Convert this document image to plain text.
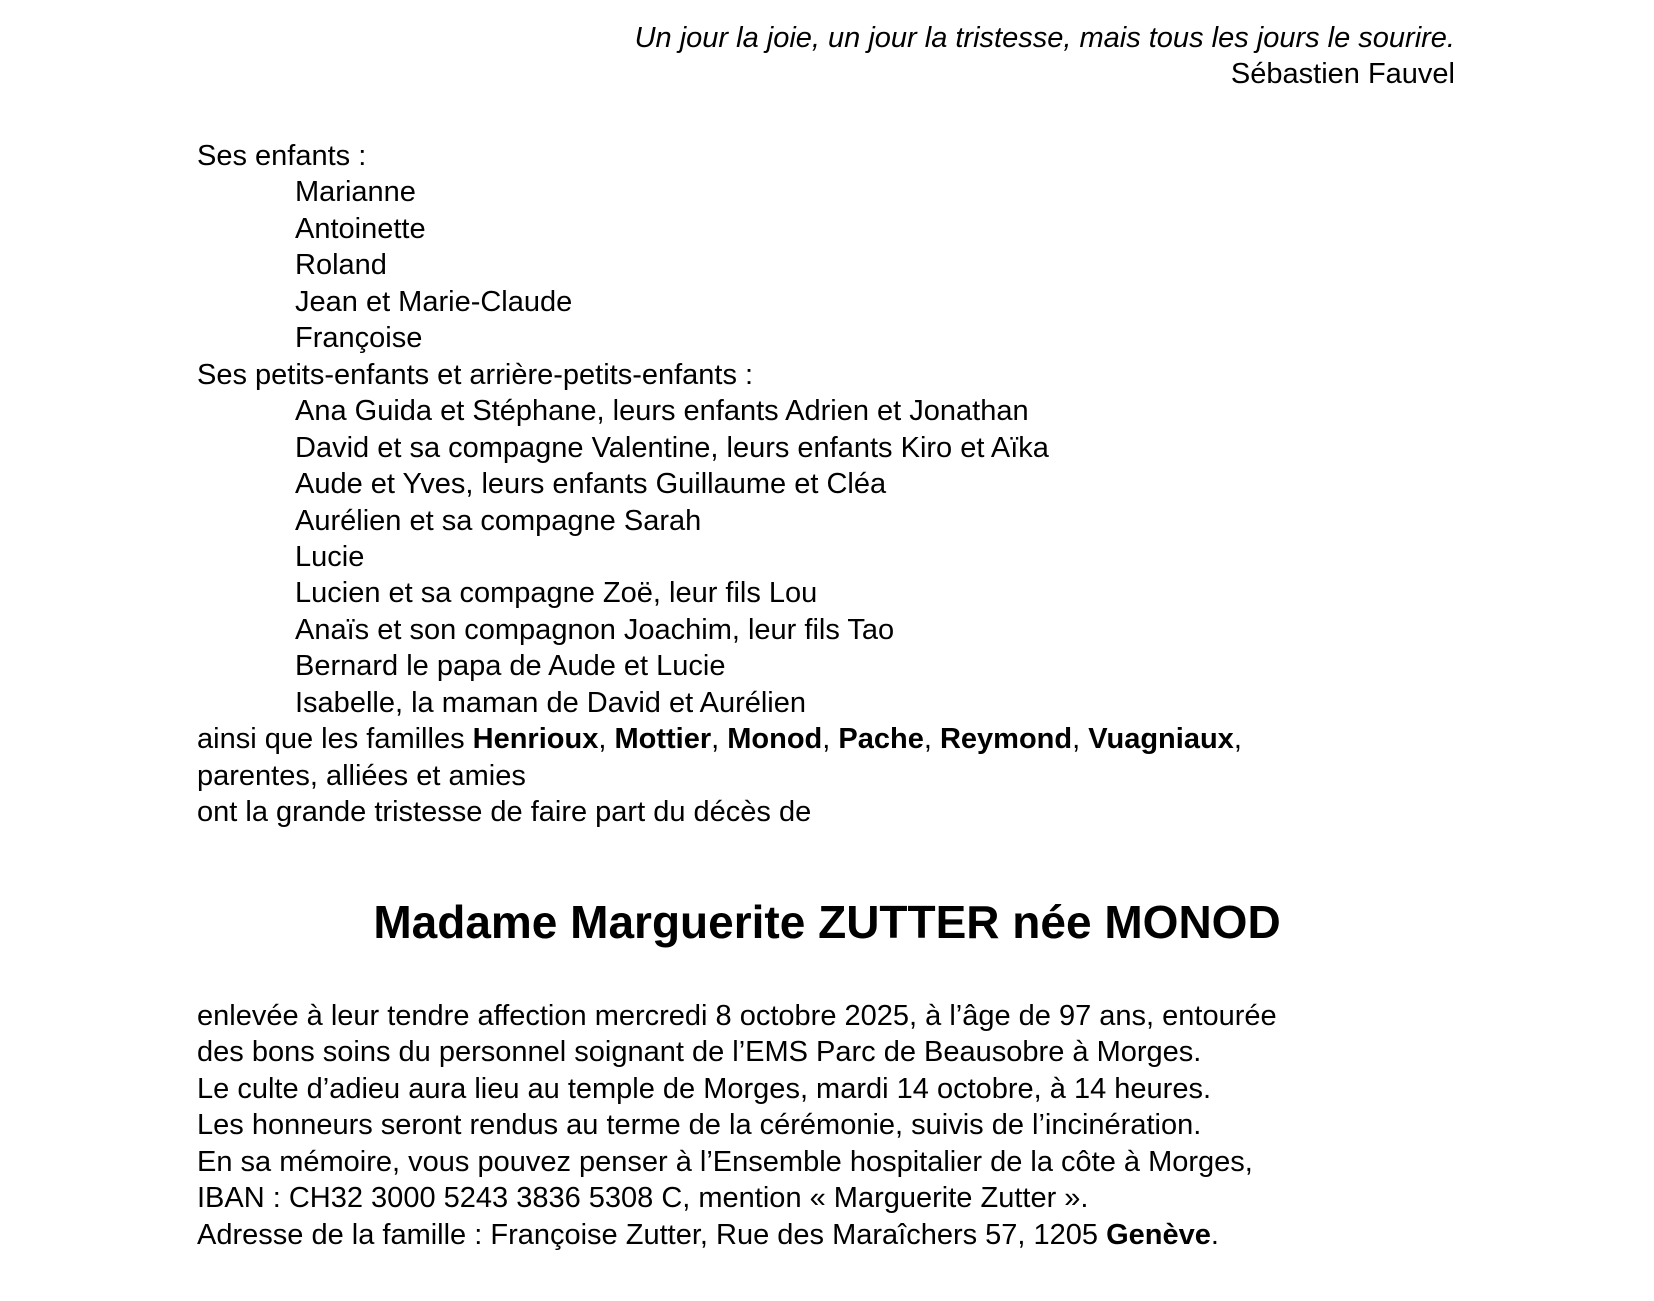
Un jour la joie, un jour la tristesse, mais tous les jours le sourire.
Sébastien Fauvel
Ses enfants :
Marianne
Antoinette
Roland
Jean et Marie-Claude
Françoise
Ses petits-enfants et arrière-petits-enfants :
Ana Guida et Stéphane, leurs enfants Adrien et Jonathan
David et sa compagne Valentine, leurs enfants Kiro et Aïka
Aude et Yves, leurs enfants Guillaume et Cléa
Aurélien et sa compagne Sarah
Lucie
Lucien et sa compagne Zoë, leur fils Lou
Anaïs et son compagnon Joachim, leur fils Tao
Bernard le papa de Aude et Lucie
Isabelle, la maman de David et Aurélien
ainsi que les familles Henrioux, Mottier, Monod, Pache, Reymond, Vuagniaux,
parentes, alliées et amies
ont la grande tristesse de faire part du décès de
Madame Marguerite ZUTTER née MONOD
enlevée à leur tendre affection mercredi 8 octobre 2025, à l’âge de 97 ans, entourée
des bons soins du personnel soignant de l’EMS Parc de Beausobre à Morges.
Le culte d’adieu aura lieu au temple de Morges, mardi 14 octobre, à 14 heures.
Les honneurs seront rendus au terme de la cérémonie, suivis de l’incinération.
En sa mémoire, vous pouvez penser à l’Ensemble hospitalier de la côte à Morges,
IBAN : CH32 3000 5243 3836 5308 C, mention « Marguerite Zutter ».
Adresse de la famille : Françoise Zutter, Rue des Maraîchers 57, 1205 Genève.
